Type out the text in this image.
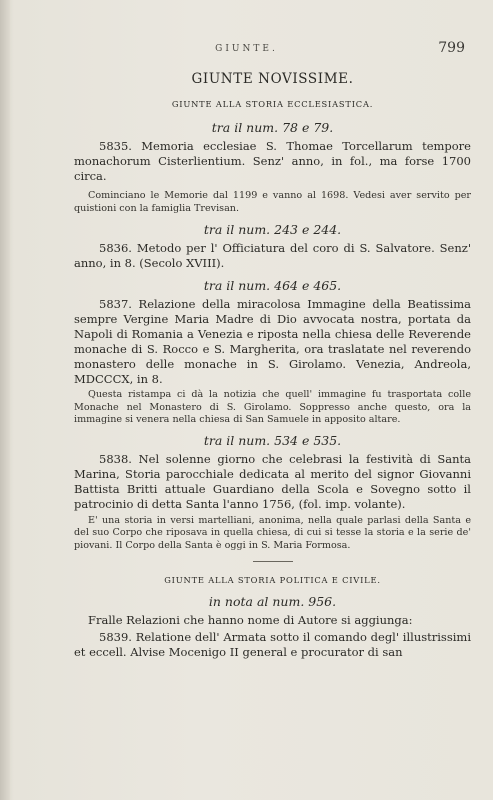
GIUNTE.	799
GIUNTE NOVISSIME.
GIUNTE ALLA STORIA ECCLESIASTICA.

tra il num. 78 e 79.

5835. Memoria ecclesiae S. Thomae Torcellarum tempore monachorum Cisterlientium. Senz' anno, in fol., ma forse 1700 circa.

Cominciano le Memorie dal 1199 e vanno al 1698. Vedesi aver servito per quistioni con la famiglia Trevisan.

tra il num. 243 e 244.

5836. Metodo per l' Officiatura del coro di S. Salvatore. Senz' anno, in 8. (Secolo XVIII).

tra il num. 464 e 465.

5837. Relazione della miracolosa Immagine della Beatissima sempre Vergine Maria Madre di Dio avvocata nostra, portata da Napoli di Romania a Venezia e riposta nella chiesa delle Reverende monache di S. Rocco e S. Margherita, ora traslatate nel reverendo monastero delle monache in S. Girolamo. Venezia, Andreola, MDCCCX, in 8.

Questa ristampa ci dà la notizia che quell' immagine fu trasportata colle Monache nel Monastero di S. Girolamo. Soppresso anche questo, ora la immagine si venera nella chiesa di San Samuele in apposito altare.

tra il num. 534 e 535.

5838. Nel solenne giorno che celebrasi la festività di Santa Marina, Storia parocchiale dedicata al merito del signor Giovanni Battista Britti attuale Guardiano della Scola e Sovegno sotto il patrocinio di detta Santa l'anno 1756, (fol. imp. volante).

E' una storia in versi martelliani, anonima, nella quale parlasi della Santa e del suo Corpo che riposava in quella chiesa, di cui si tesse la storia e la serie de' piovani. Il Corpo della Santa è oggi in S. Maria Formosa.

GIUNTE ALLA STORIA POLITICA E CIVILE.

in nota al num. 956.

Fralle Relazioni che hanno nome di Autore si aggiunga:

5839. Relatione dell' Armata sotto il comando degl' illustrissimi et eccell. Alvise Mocenigo II general e procurator di san
